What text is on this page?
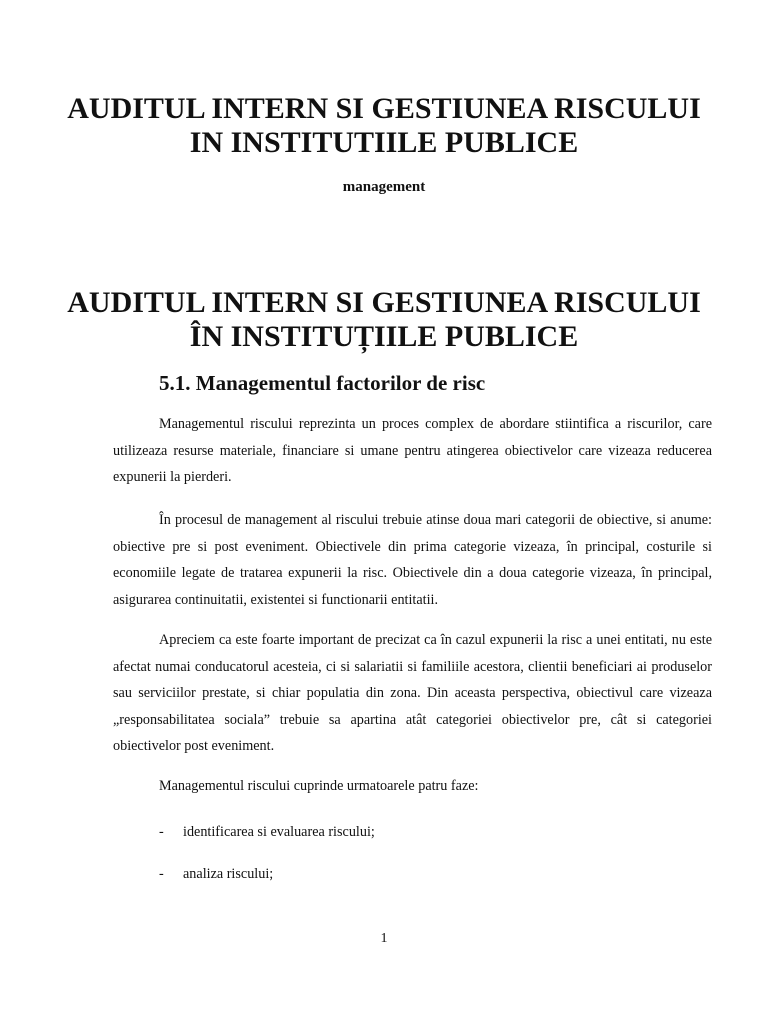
AUDITUL INTERN SI GESTIUNEA RISCULUI IN INSTITUTIILE PUBLICE
management
AUDITUL INTERN SI GESTIUNEA RISCULUI ÎN INSTITUȚIILE PUBLICE
5.1. Managementul factorilor de risc

Managementul riscului reprezinta un proces complex de abordare stiintifica a riscurilor, care utilizeaza resurse materiale, financiare si umane pentru atingerea obiectivelor care vizeaza reducerea expunerii la pierderi.

În procesul de management al riscului trebuie atinse doua mari categorii de obiective, si anume: obiective pre si post eveniment. Obiectivele din prima categorie vizeaza, în principal, costurile si economiile legate de tratarea expunerii la risc. Obiectivele din a doua categorie vizeaza, în principal, asigurarea continuitatii, existentei si functionarii entitatii.

Apreciem ca este foarte important de precizat ca în cazul expunerii la risc a unei entitati, nu este afectat numai conducatorul acesteia, ci si salariatii si familiile acestora, clientii beneficiari ai produselor sau serviciilor prestate, si chiar populatia din zona. Din aceasta perspectiva, obiectivul care vizeaza „responsabilitatea sociala” trebuie sa apartina atât categoriei obiectivelor pre, cât si categoriei obiectivelor post eveniment.

Managementul riscului cuprinde urmatoarele patru faze:

- identificarea si evaluarea riscului;

- analiza riscului;

1
